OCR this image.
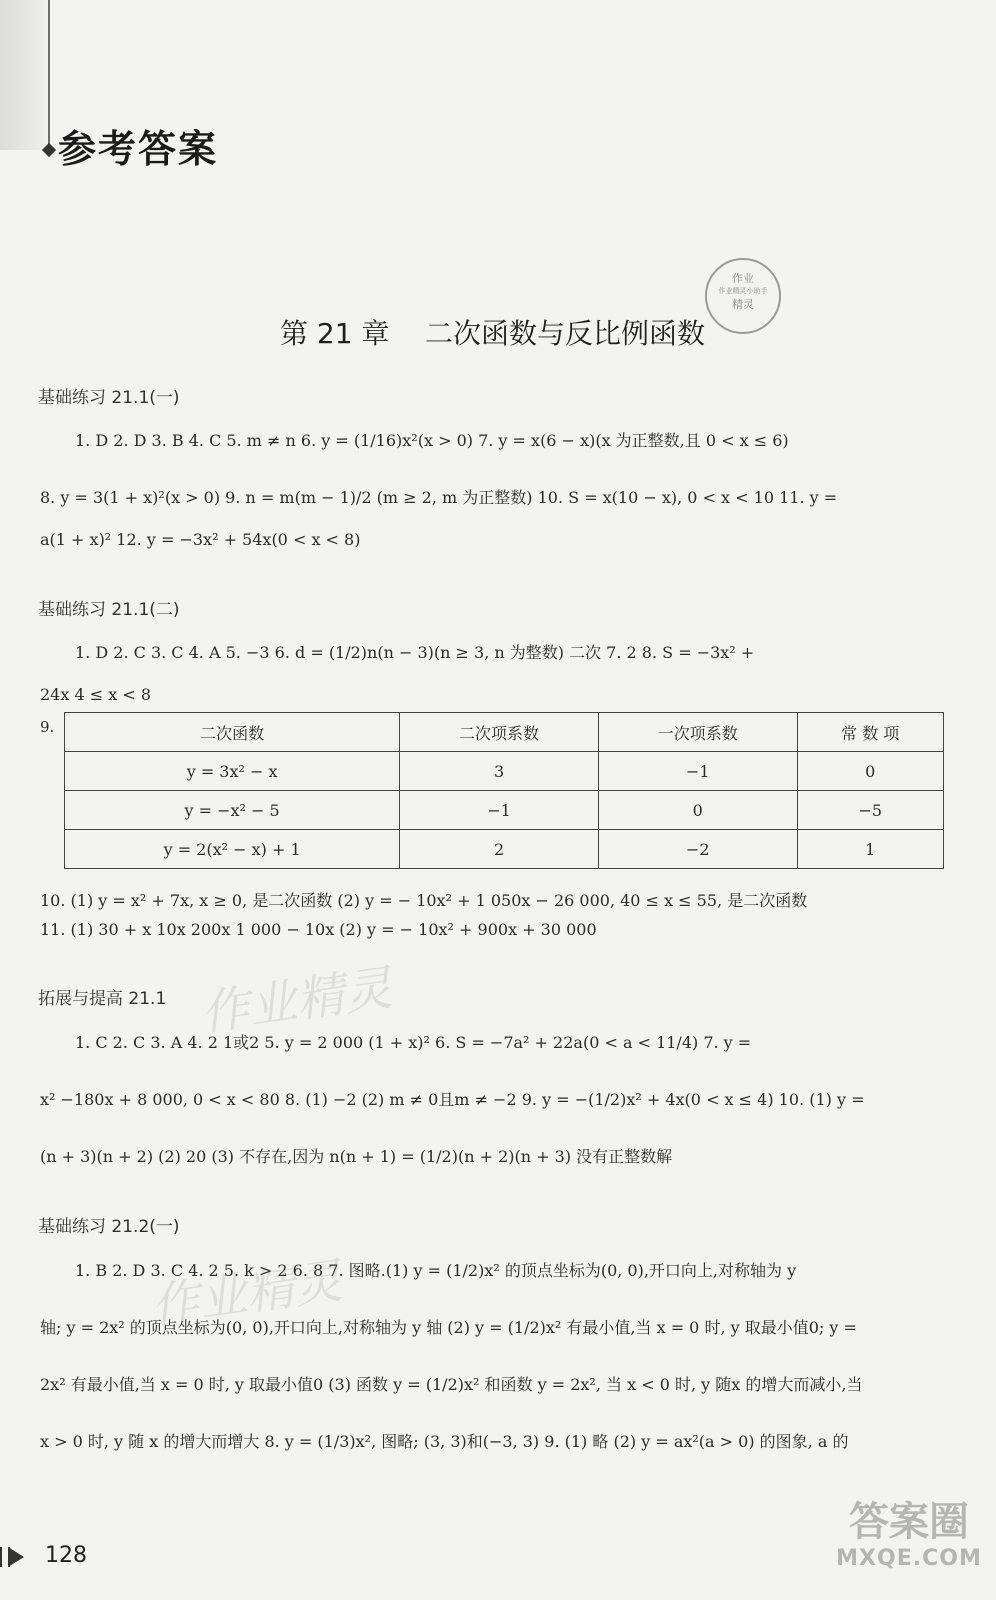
参考答案
第 21 章    二次函数与反比例函数
作业
作业精灵小助手
精灵
基础练习 21.1(一)
1. D 2. D 3. B 4. C 5. m ≠ n 6. y = (1/16)x²(x > 0) 7. y = x(6 − x)(x 为正整数,且 0 < x ≤ 6)
8. y = 3(1 + x)²(x > 0) 9. n = m(m − 1)/2 (m ≥ 2, m 为正整数) 10. S = x(10 − x), 0 < x < 10 11. y =
a(1 + x)² 12. y = −3x² + 54x(0 < x < 8)
基础练习 21.1(二)
1. D 2. C 3. C 4. A 5. −3 6. d = (1/2)n(n − 3)(n ≥ 3, n 为整数) 二次 7. 2 8. S = −3x² +
24x 4 ≤ x < 8
9.	二次函数	二次项系数	一次项系数	常 数 项
y = 3x² − x	3	−1	0
y = −x² − 5	−1	0	−5
y = 2(x² − x) + 1	2	−2	1
10. (1) y = x² + 7x, x ≥ 0, 是二次函数 (2) y = − 10x² + 1 050x − 26 000, 40 ≤ x ≤ 55, 是二次函数
11. (1) 30 + x 10x 200x 1 000 − 10x (2) y = − 10x² + 900x + 30 000
拓展与提高 21.1
1. C 2. C 3. A 4. 2 1或2 5. y = 2 000 (1 + x)² 6. S = −7a² + 22a(0 < a < 11/4) 7. y =
x² −180x + 8 000, 0 < x < 80 8. (1) −2 (2) m ≠ 0且m ≠ −2 9. y = −(1/2)x² + 4x(0 < x ≤ 4) 10. (1) y =
(n + 3)(n + 2) (2) 20 (3) 不存在,因为 n(n + 1) = (1/2)(n + 2)(n + 3) 没有正整数解
基础练习 21.2(一)
1. B 2. D 3. C 4. 2 5. k > 2 6. 8 7. 图略.(1) y = (1/2)x² 的顶点坐标为(0, 0),开口向上,对称轴为 y
轴; y = 2x² 的顶点坐标为(0, 0),开口向上,对称轴为 y 轴 (2) y = (1/2)x² 有最小值,当 x = 0 时, y 取最小值0; y =
2x² 有最小值,当 x = 0 时, y 取最小值0 (3) 函数 y = (1/2)x² 和函数 y = 2x², 当 x < 0 时, y 随x 的增大而减小,当
x > 0 时, y 随 x 的增大而增大 8. y = (1/3)x², 图略; (3, 3)和(−3, 3) 9. (1) 略 (2) y = ax²(a > 0) 的图象, a 的
作业精灵
作业精灵
答案圈
MXQE.COM
128
